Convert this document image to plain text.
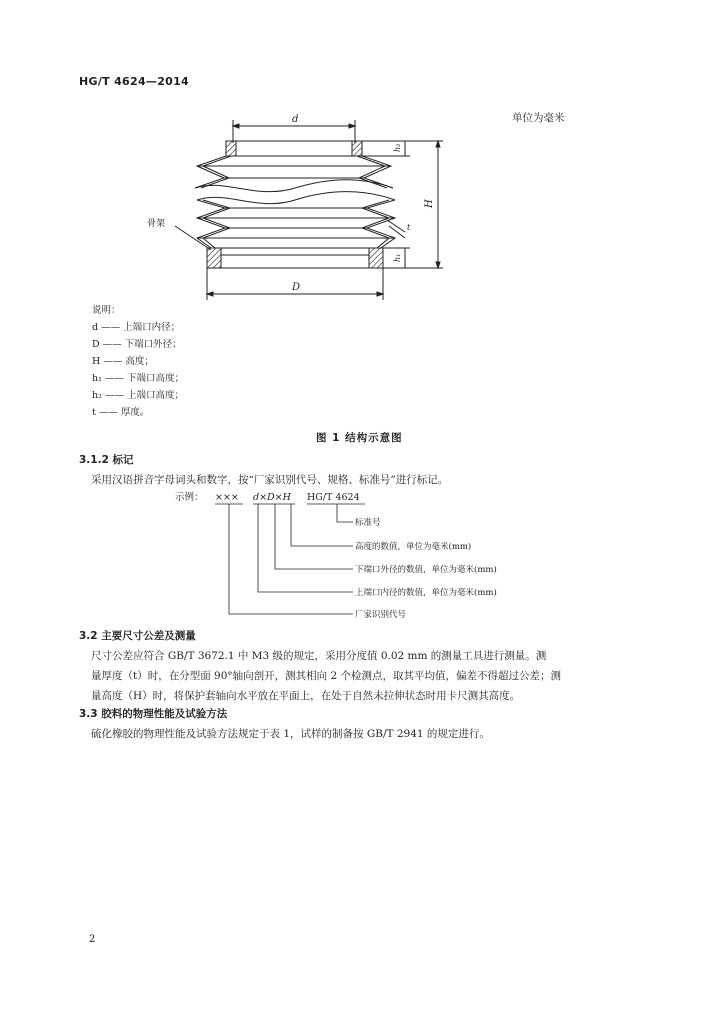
HG/T 4624—2014
单位为毫米
d
D
H
h₂
h₁
t
骨架
说明：
d —— 上端口内径；
D —— 下端口外径；
H —— 高度；
h₁ —— 下端口高度；
h₂ —— 上端口高度；
t —— 厚度。
图 1 结构示意图
3.1.2 标记
采用汉语拼音字母词头和数字，按“厂家识别代号、规格、标准号”进行标记。
示例： ××× d×D×H HG/T 4624
标准号
高度的数值，单位为毫米(mm)
下端口外径的数值，单位为毫米(mm)
上端口内径的数值，单位为毫米(mm)
厂家识别代号
3.2 主要尺寸公差及测量
尺寸公差应符合 GB/T 3672.1 中 M3 级的规定，采用分度值 0.02 mm 的测量工具进行测量。测
量厚度（t）时，在分型面 90°轴向剖开，测其相向 2 个检测点，取其平均值，偏差不得超过公差；测
量高度（H）时，将保护套轴向水平放在平面上，在处于自然未拉伸状态时用卡尺测其高度。
3.3 胶料的物理性能及试验方法
硫化橡胶的物理性能及试验方法规定于表 1，试样的制备按 GB/T 2941 的规定进行。
2
